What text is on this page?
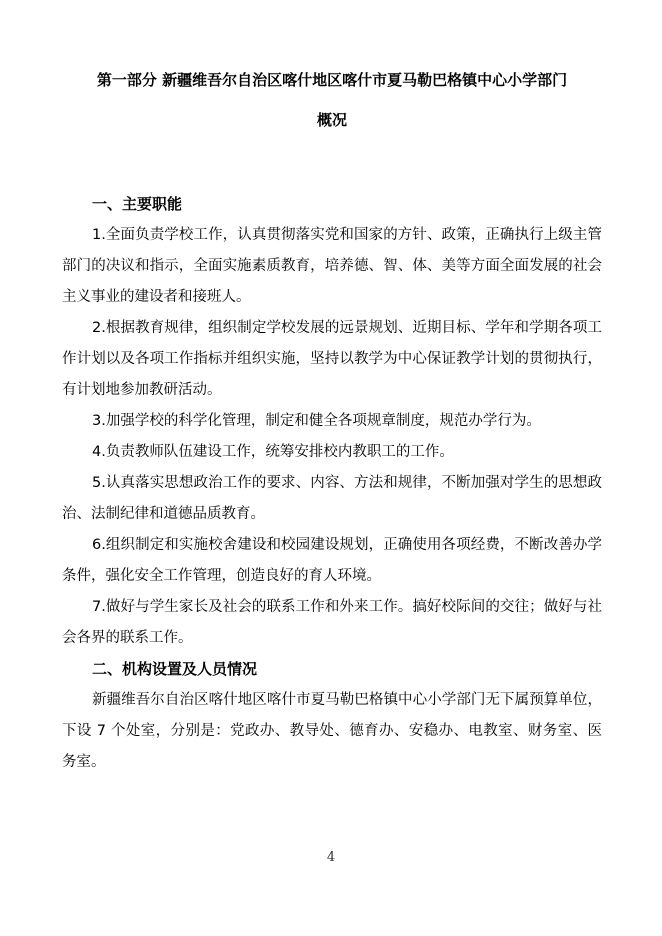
第一部分 新疆维吾尔自治区喀什地区喀什市夏马勒巴格镇中心小学部门
概况
一、主要职能

1.全面负责学校工作，认真贯彻落实党和国家的方针、政策，正确执行上级主管部门的决议和指示，全面实施素质教育，培养德、智、体、美等方面全面发展的社会主义事业的建设者和接班人。

2.根据教育规律，组织制定学校发展的远景规划、近期目标、学年和学期各项工作计划以及各项工作指标并组织实施，坚持以教学为中心保证教学计划的贯彻执行，有计划地参加教研活动。

3.加强学校的科学化管理，制定和健全各项规章制度，规范办学行为。

4.负责教师队伍建设工作，统筹安排校内教职工的工作。

5.认真落实思想政治工作的要求、内容、方法和规律，不断加强对学生的思想政治、法制纪律和道德品质教育。

6.组织制定和实施校舍建设和校园建设规划，正确使用各项经费，不断改善办学条件，强化安全工作管理，创造良好的育人环境。

7.做好与学生家长及社会的联系工作和外来工作。搞好校际间的交往；做好与社会各界的联系工作。

二、机构设置及人员情况

新疆维吾尔自治区喀什地区喀什市夏马勒巴格镇中心小学部门无下属预算单位，下设 7 个处室，分别是：党政办、教导处、德育办、安稳办、电教室、财务室、医务室。

4
